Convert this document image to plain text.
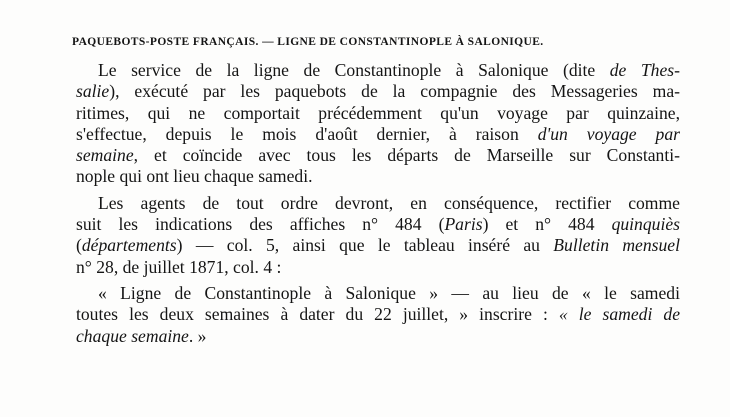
PAQUEBOTS-POSTE FRANÇAIS. — LIGNE DE CONSTANTINOPLE À SALONIQUE.
Le service de la ligne de Constantinople à Salonique (dite de Thes-
salie), exécuté par les paquebots de la compagnie des Messageries ma-
ritimes, qui ne comportait précédemment qu'un voyage par quinzaine,
s'effectue, depuis le mois d'août dernier, à raison d'un voyage par
semaine, et coïncide avec tous les départs de Marseille sur Constanti-
nople qui ont lieu chaque samedi.
Les agents de tout ordre devront, en conséquence, rectifier comme
suit les indications des affiches n° 484 (Paris) et n° 484 quinquiès
(départements) — col. 5, ainsi que le tableau inséré au Bulletin mensuel
n° 28, de juillet 1871, col. 4 :
« Ligne de Constantinople à Salonique » — au lieu de « le samedi
toutes les deux semaines à dater du 22 juillet, » inscrire : « le samedi de
chaque semaine. »
